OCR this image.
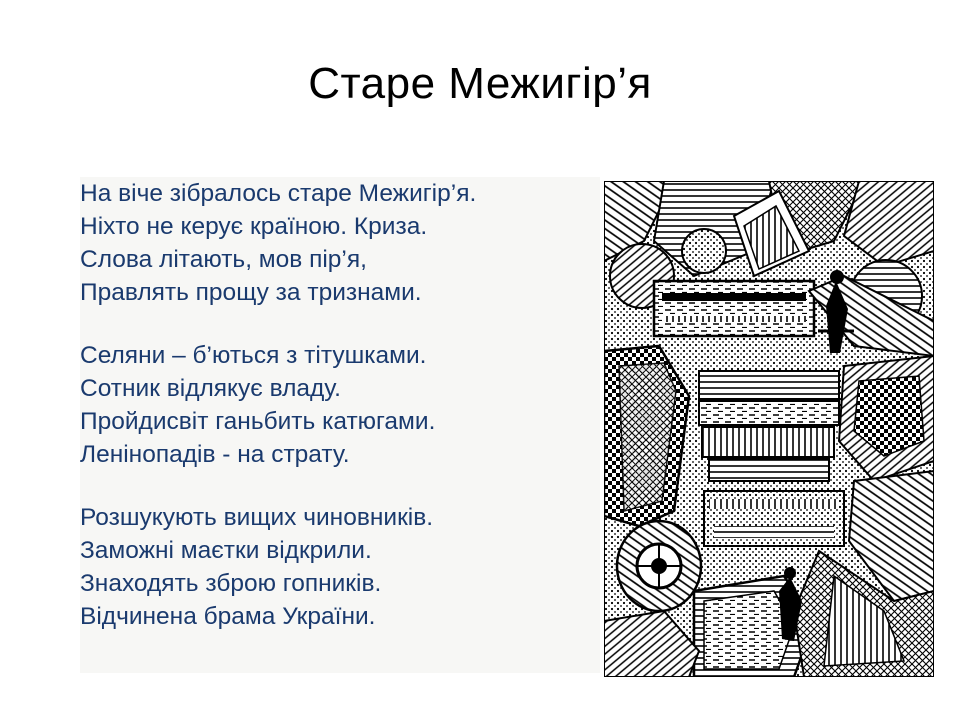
Старе Межигір’я
На віче зібралось старе Межигір’я.
Ніхто не керує країною. Криза.
Слова літають, мов пір’я,
Правлять прощу за тризнами.
Селяни – б’ються з тітушками.
Сотник відлякує владу.
Пройдисвіт ганьбить катюгами.
Ленінопадів - на страту.
Розшукують вищих чиновників.
Заможні маєтки відкрили.
Знаходять зброю гопників.
Відчинена брама України.
